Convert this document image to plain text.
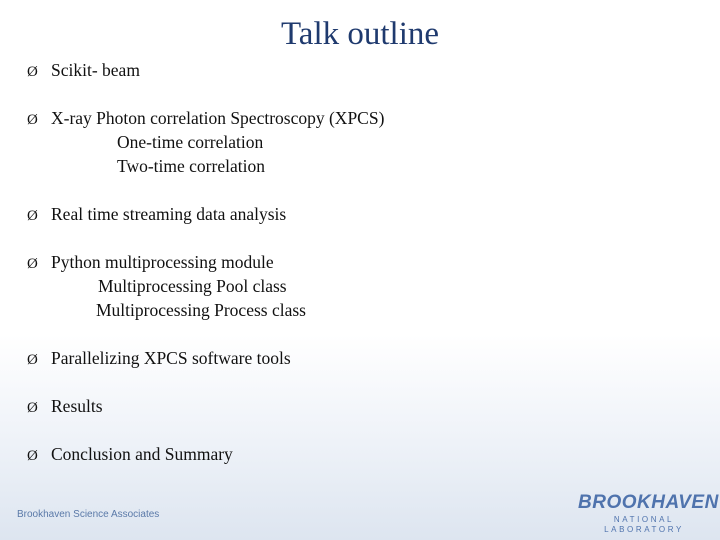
Talk outline
Ø Scikit- beam
Ø X-ray Photon correlation Spectroscopy (XPCS)
One-time correlation
Two-time correlation
Ø Real time streaming data analysis
Ø Python multiprocessing module
Multiprocessing Pool class
Multiprocessing Process class
Ø Parallelizing XPCS software tools
Ø Results
Ø Conclusion and Summary
Brookhaven Science Associates
BROOKHAVEN
NATIONAL LABORATORY
